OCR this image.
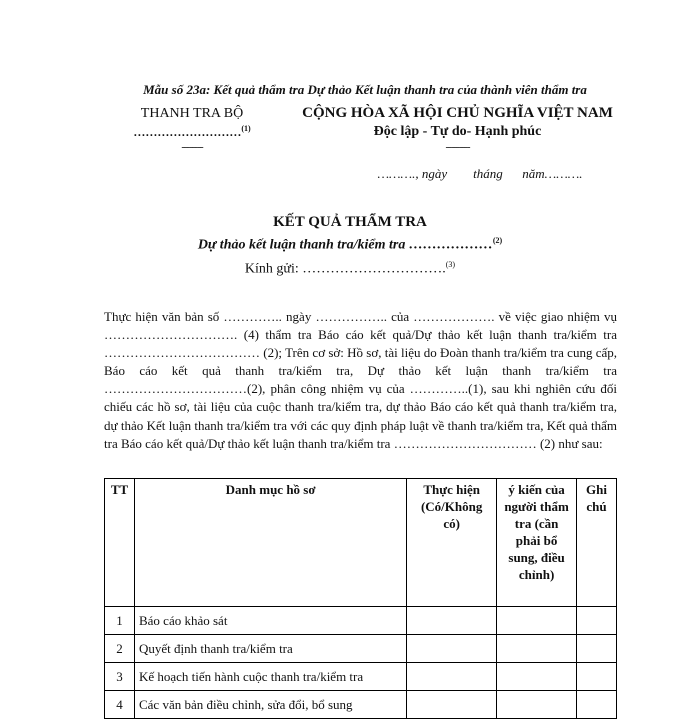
Mẫu số 23a: Kết quả thẩm tra Dự thảo Kết luận thanh tra của thành viên thẩm tra
THANH TRA BỘ
………………………$^{(1)}$
--------
CỘNG HÒA XÃ HỘI CHỦ NGHĨA VIỆT NAM
Độc lập - Tự do- Hạnh phúc
---------
………., ngày        tháng      năm……….
KẾT QUẢ THẨM TRA
Dự thảo kết luận thanh tra/kiểm tra ………………$^{(2)}$
Kính gửi: ………………………….$^{(3)}$
Thực hiện văn bản số ………….. ngày …………….. của ………………. về việc giao nhiệm vụ …………………………. (4) thẩm tra Báo cáo kết quả/Dự thảo kết luận thanh tra/kiểm tra ……………………………… (2); Trên cơ sở: Hồ sơ, tài liệu do Đoàn thanh tra/kiểm tra cung cấp, Báo cáo kết quả thanh tra/kiểm tra, Dự thảo kết luận thanh tra/kiểm tra ……………………………(2), phân công nhiệm vụ của …………..(1), sau khi nghiên cứu đối chiếu các hồ sơ, tài liệu của cuộc thanh tra/kiểm tra, dự thảo Báo cáo kết quả thanh tra/kiểm tra, dự thảo Kết luận thanh tra/kiểm tra với các quy định pháp luật về thanh tra/kiểm tra, Kết quả thẩm tra Báo cáo kết quả/Dự thảo kết luận thanh tra/kiểm tra …………………………… (2) như sau:
TT	Danh mục hồ sơ	Thực hiện (Có/Không có)	ý kiến của người thẩm tra (cần phải bổ sung, điều chỉnh)	Ghi chú
1	Báo cáo khảo sát			
2	Quyết định thanh tra/kiểm tra			
3	Kế hoạch tiến hành cuộc thanh tra/kiểm tra			
4	Các văn bản điều chỉnh, sửa đổi, bổ sung			
